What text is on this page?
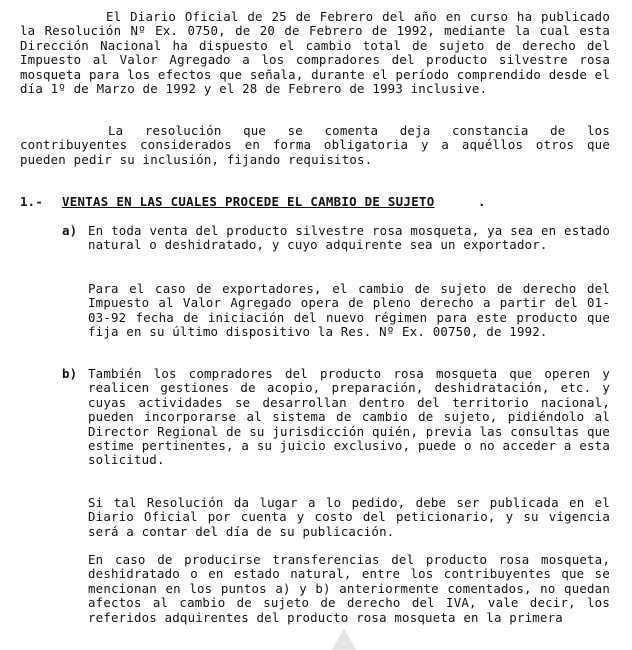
El Diario Oficial de 25 de Febrero del año en curso ha publicado la Resolución Nº Ex. 0750, de 20 de Febrero de 1992, mediante la cual esta Dirección Nacional ha dispuesto el cambio total de sujeto de derecho del Impuesto al Valor Agregado a los compradores del producto silvestre rosa mosqueta para los efectos que señala, durante el período comprendido desde el día 1º de Marzo de 1992 y el 28 de Febrero de 1993 inclusive.

La resolución que se comenta deja constancia de los contribuyentes considerados en forma obligatoria y a aquéllos otros que pueden pedir su inclusión, fijando requisitos.

1.- VENTAS EN LAS CUALES PROCEDE EL CAMBIO DE SUJETO	.
a) En toda venta del producto silvestre rosa mosqueta, ya sea en estado natural o deshidratado, y cuyo adquirente sea un exportador.

Para el caso de exportadores, el cambio de sujeto de derecho del Impuesto al Valor Agregado opera de pleno derecho a partir del 01-03-92 fecha de iniciación del nuevo régimen para este producto que fija en su último dispositivo la Res. Nº Ex. 00750, de 1992.

b) También los compradores del producto rosa mosqueta que operen y realicen gestiones de acopio, preparación, deshidratación, etc. y cuyas actividades se desarrollan dentro del territorio nacional, pueden incorporarse al sistema de cambio de sujeto, pidiéndolo al Director Regional de su jurisdicción quién, previa las consultas que estime pertinentes, a su juicio exclusivo, puede o no acceder a esta solicitud.

Si tal Resolución da lugar a lo pedido, debe ser publicada en el Diario Oficial por cuenta y costo del peticionario, y su vigencia será a contar del día de su publicación.

En caso de producirse transferencias del producto rosa mosqueta, deshidratado o en estado natural, entre los contribuyentes que se mencionan en los puntos a) y b) anteriormente comentados, no quedan afectos al cambio de sujeto de derecho del IVA, vale decir, los referidos adquirentes del producto rosa mosqueta en la primera
